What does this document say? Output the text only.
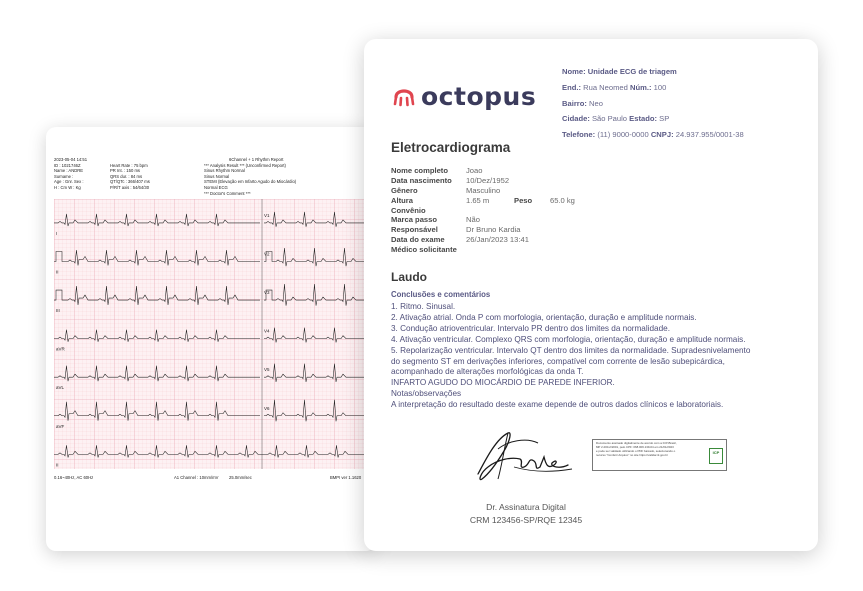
2023-05-04 14:51
ID : 1021746Z
Name : ANDRE
Surname :
Age : Gnr. Sex :
H : Cm W : Kg

Heart Rate : 75 bpm
PR Int. : 150 ms
QRS dur. : 84 ms
QT/QTc : 366/407 ms
P/R/T axis : 54/64/30
6Channel + 1 Rhythm Report
*** Analysis Result *** (Unconfirmed Report)
Sinus Rhythm Normal
Sinus Normal
STEMI (Elevação em Infarto Agudo do Miocárdio)
Normal ECG
*** Doctor's Comment ***
I
V1
II
V2
III
V3
aVR
V4
aVL
V5
aVF
V6
II
0.16~40Hz, AC 60Hz	A1 Channel : 10mm/mV	25.0mm/sec	BMPI ver 1.1620
octopus
Nome: Unidade ECG de triagem
End.: Rua Neomed Núm.: 100
Bairro: Neo
Cidade: São Paulo Estado: SP
Telefone: (11) 9000-0000 CNPJ: 24.937.955/0001-38
Eletrocardiograma
Nome completo Joao
Data nascimento 10/Dez/1952
Gênero	Masculino
Altura	1.65 m	Peso 65.0 kg
Convênio
Marca passo	Não
Responsável	Dr Bruno Kardia
Data do exame	26/Jan/2023 13:41
Médico solicitante
Laudo
Conclusões e comentários
1. Ritmo. Sinusal.
2. Ativação atrial. Onda P com morfologia, orientação, duração e amplitude normais.
3. Condução atrioventricular. Intervalo PR dentro dos limites da normalidade.
4. Ativação ventricular. Complexo QRS com morfologia, orientação, duração e amplitude normais.
5. Repolarização ventricular. Intervalo QT dentro dos limites da normalidade. Supradesnivelamento
do segmento ST em derivações inferiores, compatível com corrente de lesão subepicárdica,
acompanhado de alterações morfológicas da onda T.
INFARTO AGUDO DO MIOCÁRDIO DE PAREDE INFERIOR.
Notas/observações
A interpretação do resultado deste exame depende de outros dados clínicos e laboratoriais.
Documento assinado digitalmente de acordo com a ICP-Brasil,
MP 2.200-2/2001, pelo CPF: 068.006.139-64 em 21/01/2023
e pode ser validado utilizando o PDF baixado, selecionando o
recurso "Conferir Arquivo" no site https://validar.iti.gov.br	ICP
Dr. Assinatura Digital
CRM 123456-SP/RQE 12345
